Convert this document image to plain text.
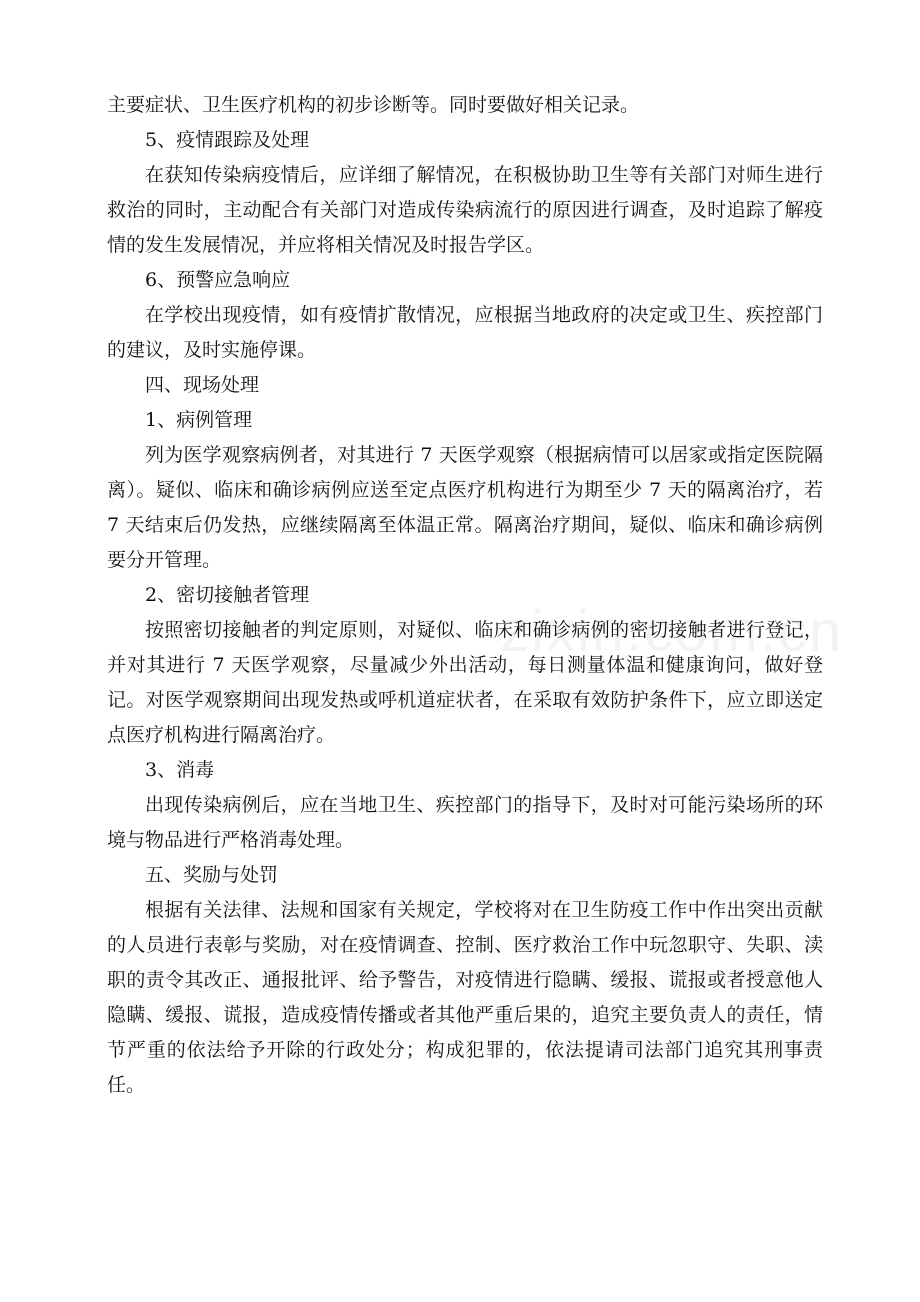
主要症状、卫生医疗机构的初步诊断等。同时要做好相关记录。

5、疫情跟踪及处理

在获知传染病疫情后，应详细了解情况，在积极协助卫生等有关部门对师生进行救治的同时，主动配合有关部门对造成传染病流行的原因进行调查，及时追踪了解疫情的发生发展情况，并应将相关情况及时报告学区。

6、预警应急响应

在学校出现疫情，如有疫情扩散情况，应根据当地政府的决定或卫生、疾控部门的建议，及时实施停课。

四、现场处理

1、病例管理

列为医学观察病例者，对其进行 7 天医学观察（根据病情可以居家或指定医院隔离）。疑似、临床和确诊病例应送至定点医疗机构进行为期至少 7 天的隔离治疗，若 7 天结束后仍发热，应继续隔离至体温正常。隔离治疗期间，疑似、临床和确诊病例要分开管理。

2、密切接触者管理

按照密切接触者的判定原则，对疑似、临床和确诊病例的密切接触者进行登记，并对其进行 7 天医学观察，尽量减少外出活动，每日测量体温和健康询问，做好登记。对医学观察期间出现发热或呼机道症状者，在采取有效防护条件下，应立即送定点医疗机构进行隔离治疗。

3、消毒

出现传染病例后，应在当地卫生、疾控部门的指导下，及时对可能污染场所的环境与物品进行严格消毒处理。

五、奖励与处罚

根据有关法律、法规和国家有关规定，学校将对在卫生防疫工作中作出突出贡献的人员进行表彰与奖励，对在疫情调查、控制、医疗救治工作中玩忽职守、失职、渎职的责令其改正、通报批评、给予警告，对疫情进行隐瞒、缓报、谎报或者授意他人隐瞒、缓报、谎报，造成疫情传播或者其他严重后果的，追究主要负责人的责任，情节严重的依法给予开除的行政处分；构成犯罪的，依法提请司法部门追究其刑事责任。
